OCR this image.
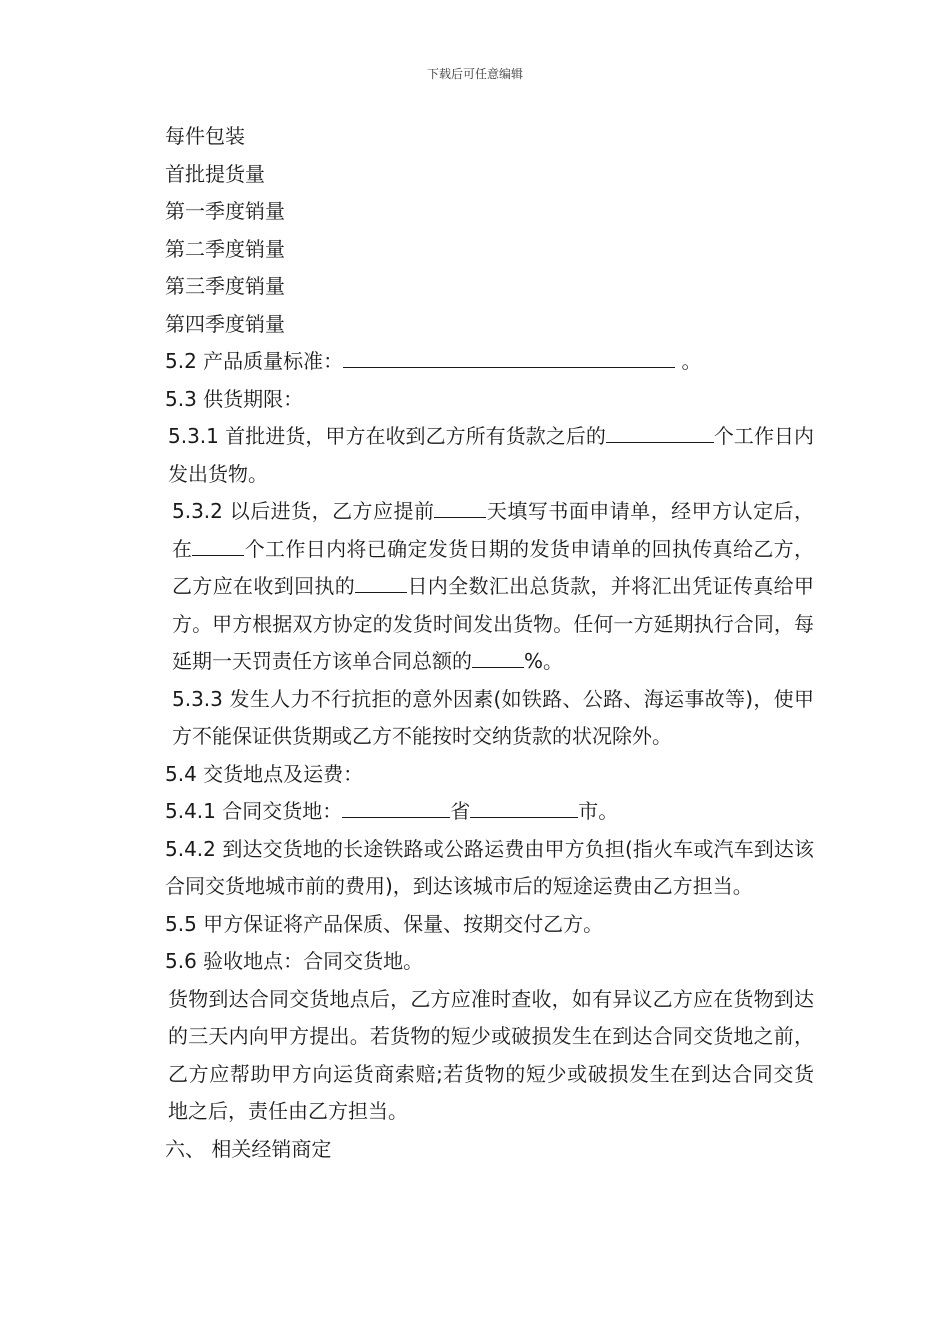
下载后可任意编辑
每件包装
首批提货量
第一季度销量
第二季度销量
第三季度销量
第四季度销量
5.2 产品质量标准：	。
5.3 供货期限：

5.3.1 首批进货，甲方在收到乙方所有货款之后的	个工作日内发出货物。

5.3.2 以后进货，乙方应提前	天填写书面申请单，经甲方认定后，在	个工作日内将已确定发货日期的发货申请单的回执传真给乙方，乙方应在收到回执的	日内全数汇出总货款，并将汇出凭证传真给甲方。甲方根据双方协定的发货时间发出货物。任何一方延期执行合同，每延期一天罚责任方该单合同总额的	%。

5.3.3 发生人力不行抗拒的意外因素(如铁路、公路、海运事故等)，使甲方不能保证供货期或乙方不能按时交纳货款的状况除外。

5.4 交货地点及运费：
5.4.1 合同交货地：	省	市。

5.4.2 到达交货地的长途铁路或公路运费由甲方负担(指火车或汽车到达该合同交货地城市前的费用)，到达该城市后的短途运费由乙方担当。

5.5 甲方保证将产品保质、保量、按期交付乙方。
5.6 验收地点：合同交货地。

货物到达合同交货地点后，乙方应准时查收，如有异议乙方应在货物到达的三天内向甲方提出。若货物的短少或破损发生在到达合同交货地之前，乙方应帮助甲方向运货商索赔;若货物的短少或破损发生在到达合同交货地之后，责任由乙方担当。

六、 相关经销商定
